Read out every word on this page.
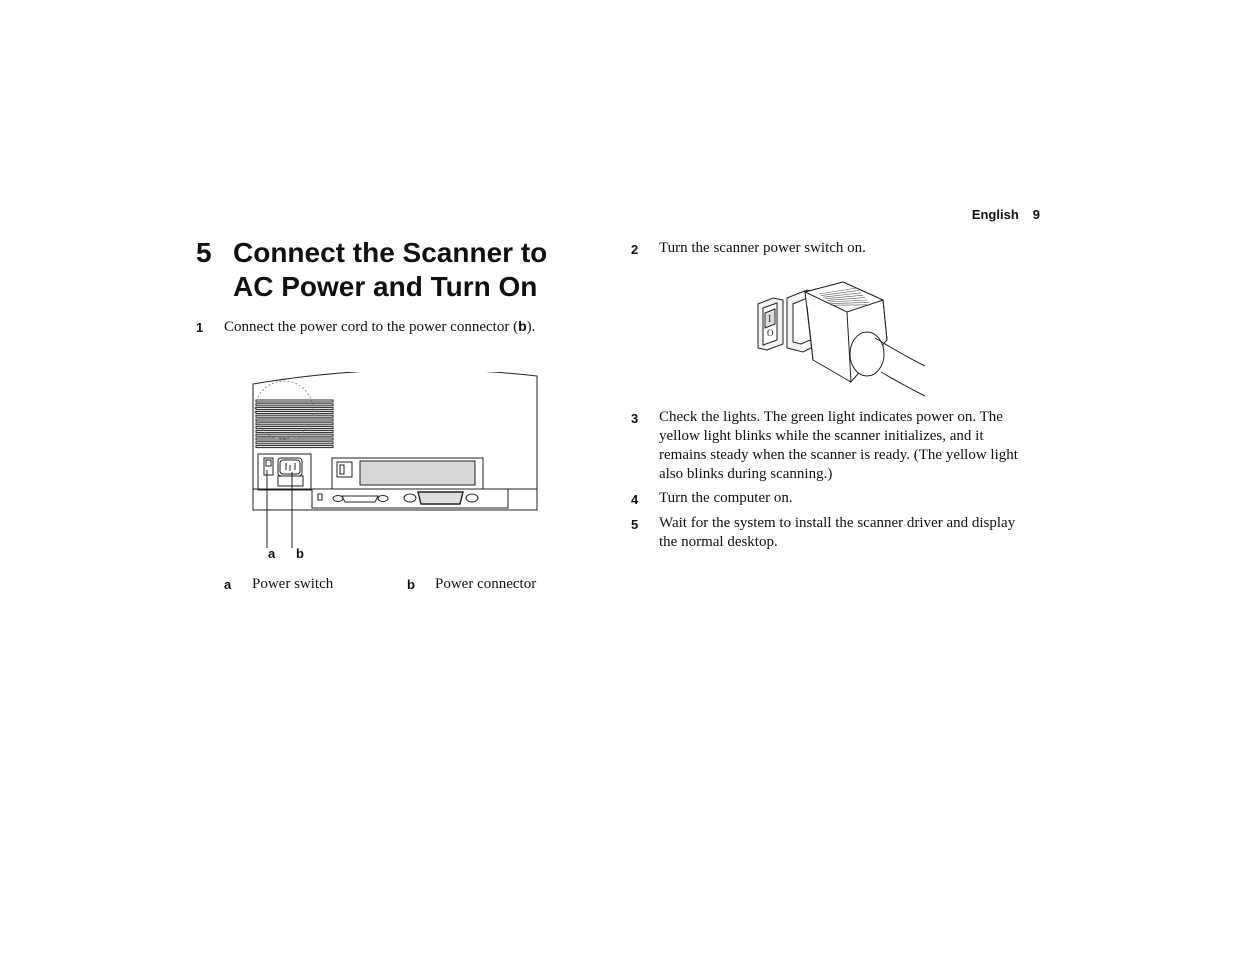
English 9
5 Connect the Scanner to
AC Power and Turn On
1 Connect the power cord to the power connector (b).
a b
a Power switch	b Power connector
2 Turn the scanner power switch on.
I
O
3 Check the lights. The green light indicates power on. The
yellow light blinks while the scanner initializes, and it
remains steady when the scanner is ready. (The yellow light
also blinks during scanning.)
4 Turn the computer on.
5 Wait for the system to install the scanner driver and display
the normal desktop.
